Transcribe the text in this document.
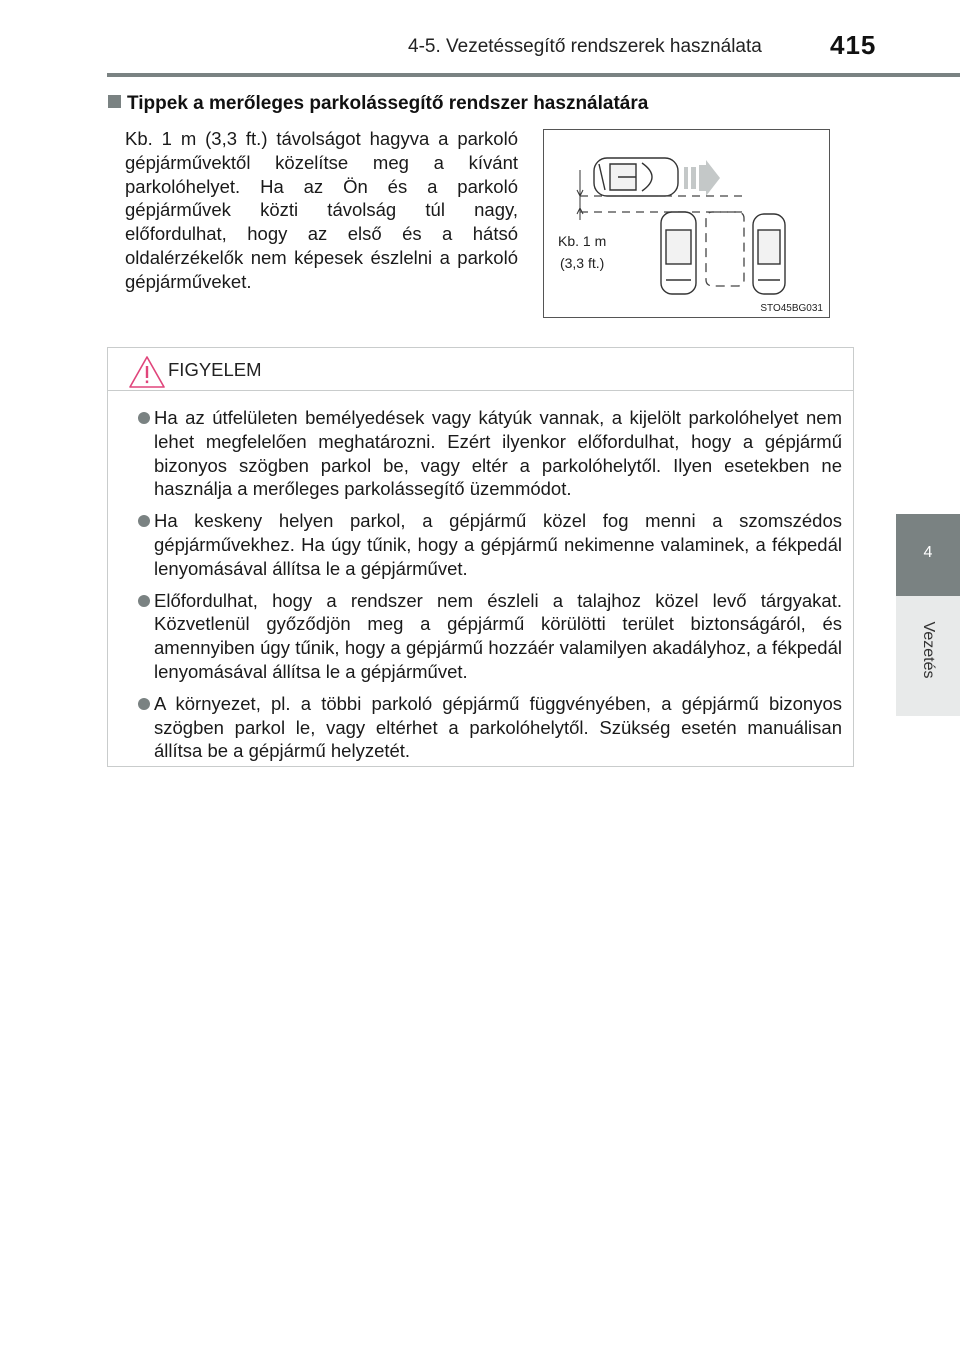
4-5. Vezetéssegítő rendszerek használata	415
4
Vezetés
Tippek a merőleges parkolássegítő rendszer használatára
Kb. 1 m (3,3 ft.) távolságot hagyva a parkoló gépjárművektől közelítse meg a kívánt parkolóhelyet. Ha az Ön és a parkoló gépjárművek közti távolság túl nagy, előfordulhat, hogy az első és a hátsó oldalérzékelők nem képesek észlelni a parkoló gépjárműveket.
Kb. 1 m
(3,3 ft.)
STO45BG031
FIGYELEM
Ha az útfelületen bemélyedések vagy kátyúk vannak, a kijelölt parkolóhelyet nem lehet megfelelően meghatározni. Ezért ilyenkor előfordulhat, hogy a gépjármű bizonyos szögben parkol be, vagy eltér a parkolóhelytől. Ilyen esetekben ne használja a merőleges parkolássegítő üzemmódot.
Ha keskeny helyen parkol, a gépjármű közel fog menni a szomszédos gépjárművekhez. Ha úgy tűnik, hogy a gépjármű nekimenne valaminek, a fékpedál lenyomásával állítsa le a gépjárművet.
Előfordulhat, hogy a rendszer nem észleli a talajhoz közel levő tárgyakat. Közvetlenül győződjön meg a gépjármű körülötti terület biztonságáról, és amennyiben úgy tűnik, hogy a gépjármű hozzáér valamilyen akadályhoz, a fékpedál lenyomásával állítsa le a gépjárművet.
A környezet, pl. a többi parkoló gépjármű függvényében, a gépjármű bizonyos szögben parkol le, vagy eltérhet a parkolóhelytől. Szükség esetén manuálisan állítsa be a gépjármű helyzetét.
